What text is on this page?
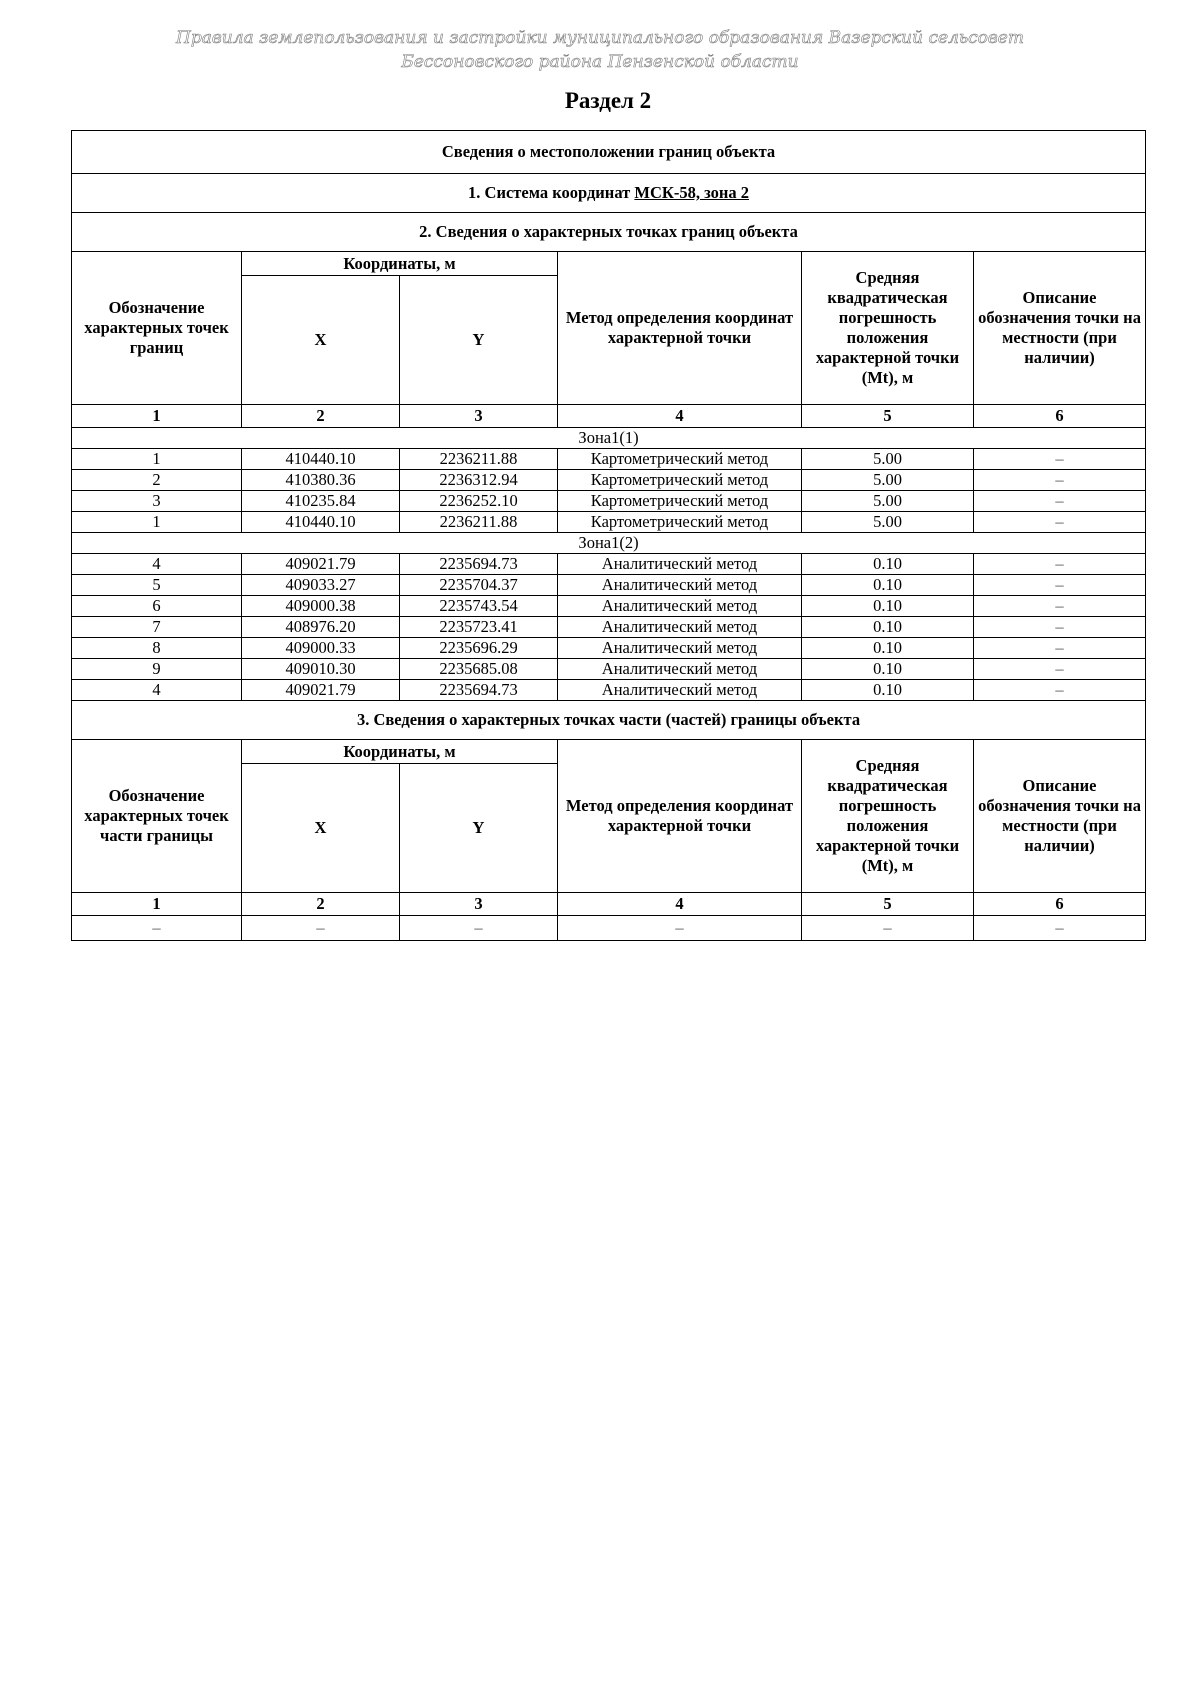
Правила землепользования и застройки муниципального образования Вазерский сельсовет
Бессоновского района Пензенской области
Раздел 2
Сведения о местоположении границ объекта					
1. Система координат МСК-58, зона 2					
2. Сведения о характерных точках границ объекта					
Обозначение характерных точек границ	Координаты, м		Метод определения координат характерной точки	Средняя квадратическая погрешность положения характерной точки (Mt), м	Описание обозначения точки на местности (при наличии)
	X	Y			
1	2	3	4	5	6
Зона1(1)					
1	410440.10	2236211.88	Картометрический метод	5.00	–
2	410380.36	2236312.94	Картометрический метод	5.00	–
3	410235.84	2236252.10	Картометрический метод	5.00	–
1	410440.10	2236211.88	Картометрический метод	5.00	–
Зона1(2)					
4	409021.79	2235694.73	Аналитический метод	0.10	–
5	409033.27	2235704.37	Аналитический метод	0.10	–
6	409000.38	2235743.54	Аналитический метод	0.10	–
7	408976.20	2235723.41	Аналитический метод	0.10	–
8	409000.33	2235696.29	Аналитический метод	0.10	–
9	409010.30	2235685.08	Аналитический метод	0.10	–
4	409021.79	2235694.73	Аналитический метод	0.10	–
3. Сведения о характерных точках части (частей) границы объекта					
Обозначение характерных точек части границы	Координаты, м		Метод определения координат характерной точки	Средняя квадратическая погрешность положения характерной точки (Mt), м	Описание обозначения точки на местности (при наличии)
	X	Y			
1	2	3	4	5	6
–	–	–	–	–	–
